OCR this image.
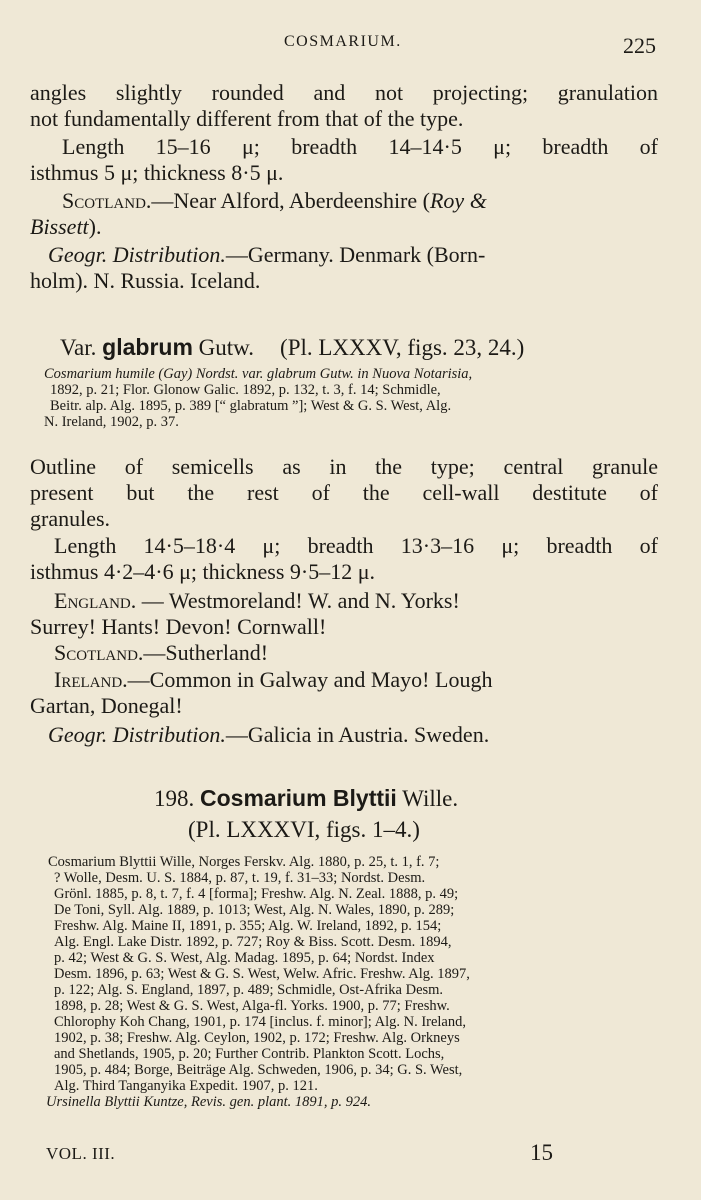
COSMARIUM.	225
angles slightly rounded and not projecting; granulation
not fundamentally different from that of the type.
Length 15–16 μ; breadth 14–14·5 μ; breadth of
isthmus 5 μ; thickness 8·5 μ.
Scotland.—Near Alford, Aberdeenshire (Roy &
Bissett).
Geogr. Distribution.—Germany. Denmark (Born-
holm). N. Russia. Iceland.
Var. glabrum Gutw. (Pl. LXXXV, figs. 23, 24.)
Cosmarium humile (Gay) Nordst. var. glabrum Gutw. in Nuova Notarisia,
1892, p. 21; Flor. Glonow Galic. 1892, p. 132, t. 3, f. 14; Schmidle,
Beitr. alp. Alg. 1895, p. 389 [“ glabratum ”]; West & G. S. West, Alg.
N. Ireland, 1902, p. 37.
Outline of semicells as in the type; central granule
present but the rest of the cell-wall destitute of
granules.
Length 14·5–18·4 μ; breadth 13·3–16 μ; breadth of
isthmus 4·2–4·6 μ; thickness 9·5–12 μ.
England. — Westmoreland! W. and N. Yorks!
Surrey! Hants! Devon! Cornwall!
Scotland.—Sutherland!
Ireland.—Common in Galway and Mayo! Lough
Gartan, Donegal!
Geogr. Distribution.—Galicia in Austria. Sweden.
198. Cosmarium Blyttii Wille.
(Pl. LXXXVI, figs. 1–4.)
Cosmarium Blyttii Wille, Norges Ferskv. Alg. 1880, p. 25, t. 1, f. 7;
? Wolle, Desm. U. S. 1884, p. 87, t. 19, f. 31–33; Nordst. Desm.
Grönl. 1885, p. 8, t. 7, f. 4 [forma]; Freshw. Alg. N. Zeal. 1888, p. 49;
De Toni, Syll. Alg. 1889, p. 1013; West, Alg. N. Wales, 1890, p. 289;
Freshw. Alg. Maine II, 1891, p. 355; Alg. W. Ireland, 1892, p. 154;
Alg. Engl. Lake Distr. 1892, p. 727; Roy & Biss. Scott. Desm. 1894,
p. 42; West & G. S. West, Alg. Madag. 1895, p. 64; Nordst. Index
Desm. 1896, p. 63; West & G. S. West, Welw. Afric. Freshw. Alg. 1897,
p. 122; Alg. S. England, 1897, p. 489; Schmidle, Ost-Afrika Desm.
1898, p. 28; West & G. S. West, Alga-fl. Yorks. 1900, p. 77; Freshw.
Chlorophy Koh Chang, 1901, p. 174 [inclus. f. minor]; Alg. N. Ireland,
1902, p. 38; Freshw. Alg. Ceylon, 1902, p. 172; Freshw. Alg. Orkneys
and Shetlands, 1905, p. 20; Further Contrib. Plankton Scott. Lochs,
1905, p. 484; Borge, Beiträge Alg. Schweden, 1906, p. 34; G. S. West,
Alg. Third Tanganyika Expedit. 1907, p. 121.
Ursinella Blyttii Kuntze, Revis. gen. plant. 1891, p. 924.
VOL. III.	15
